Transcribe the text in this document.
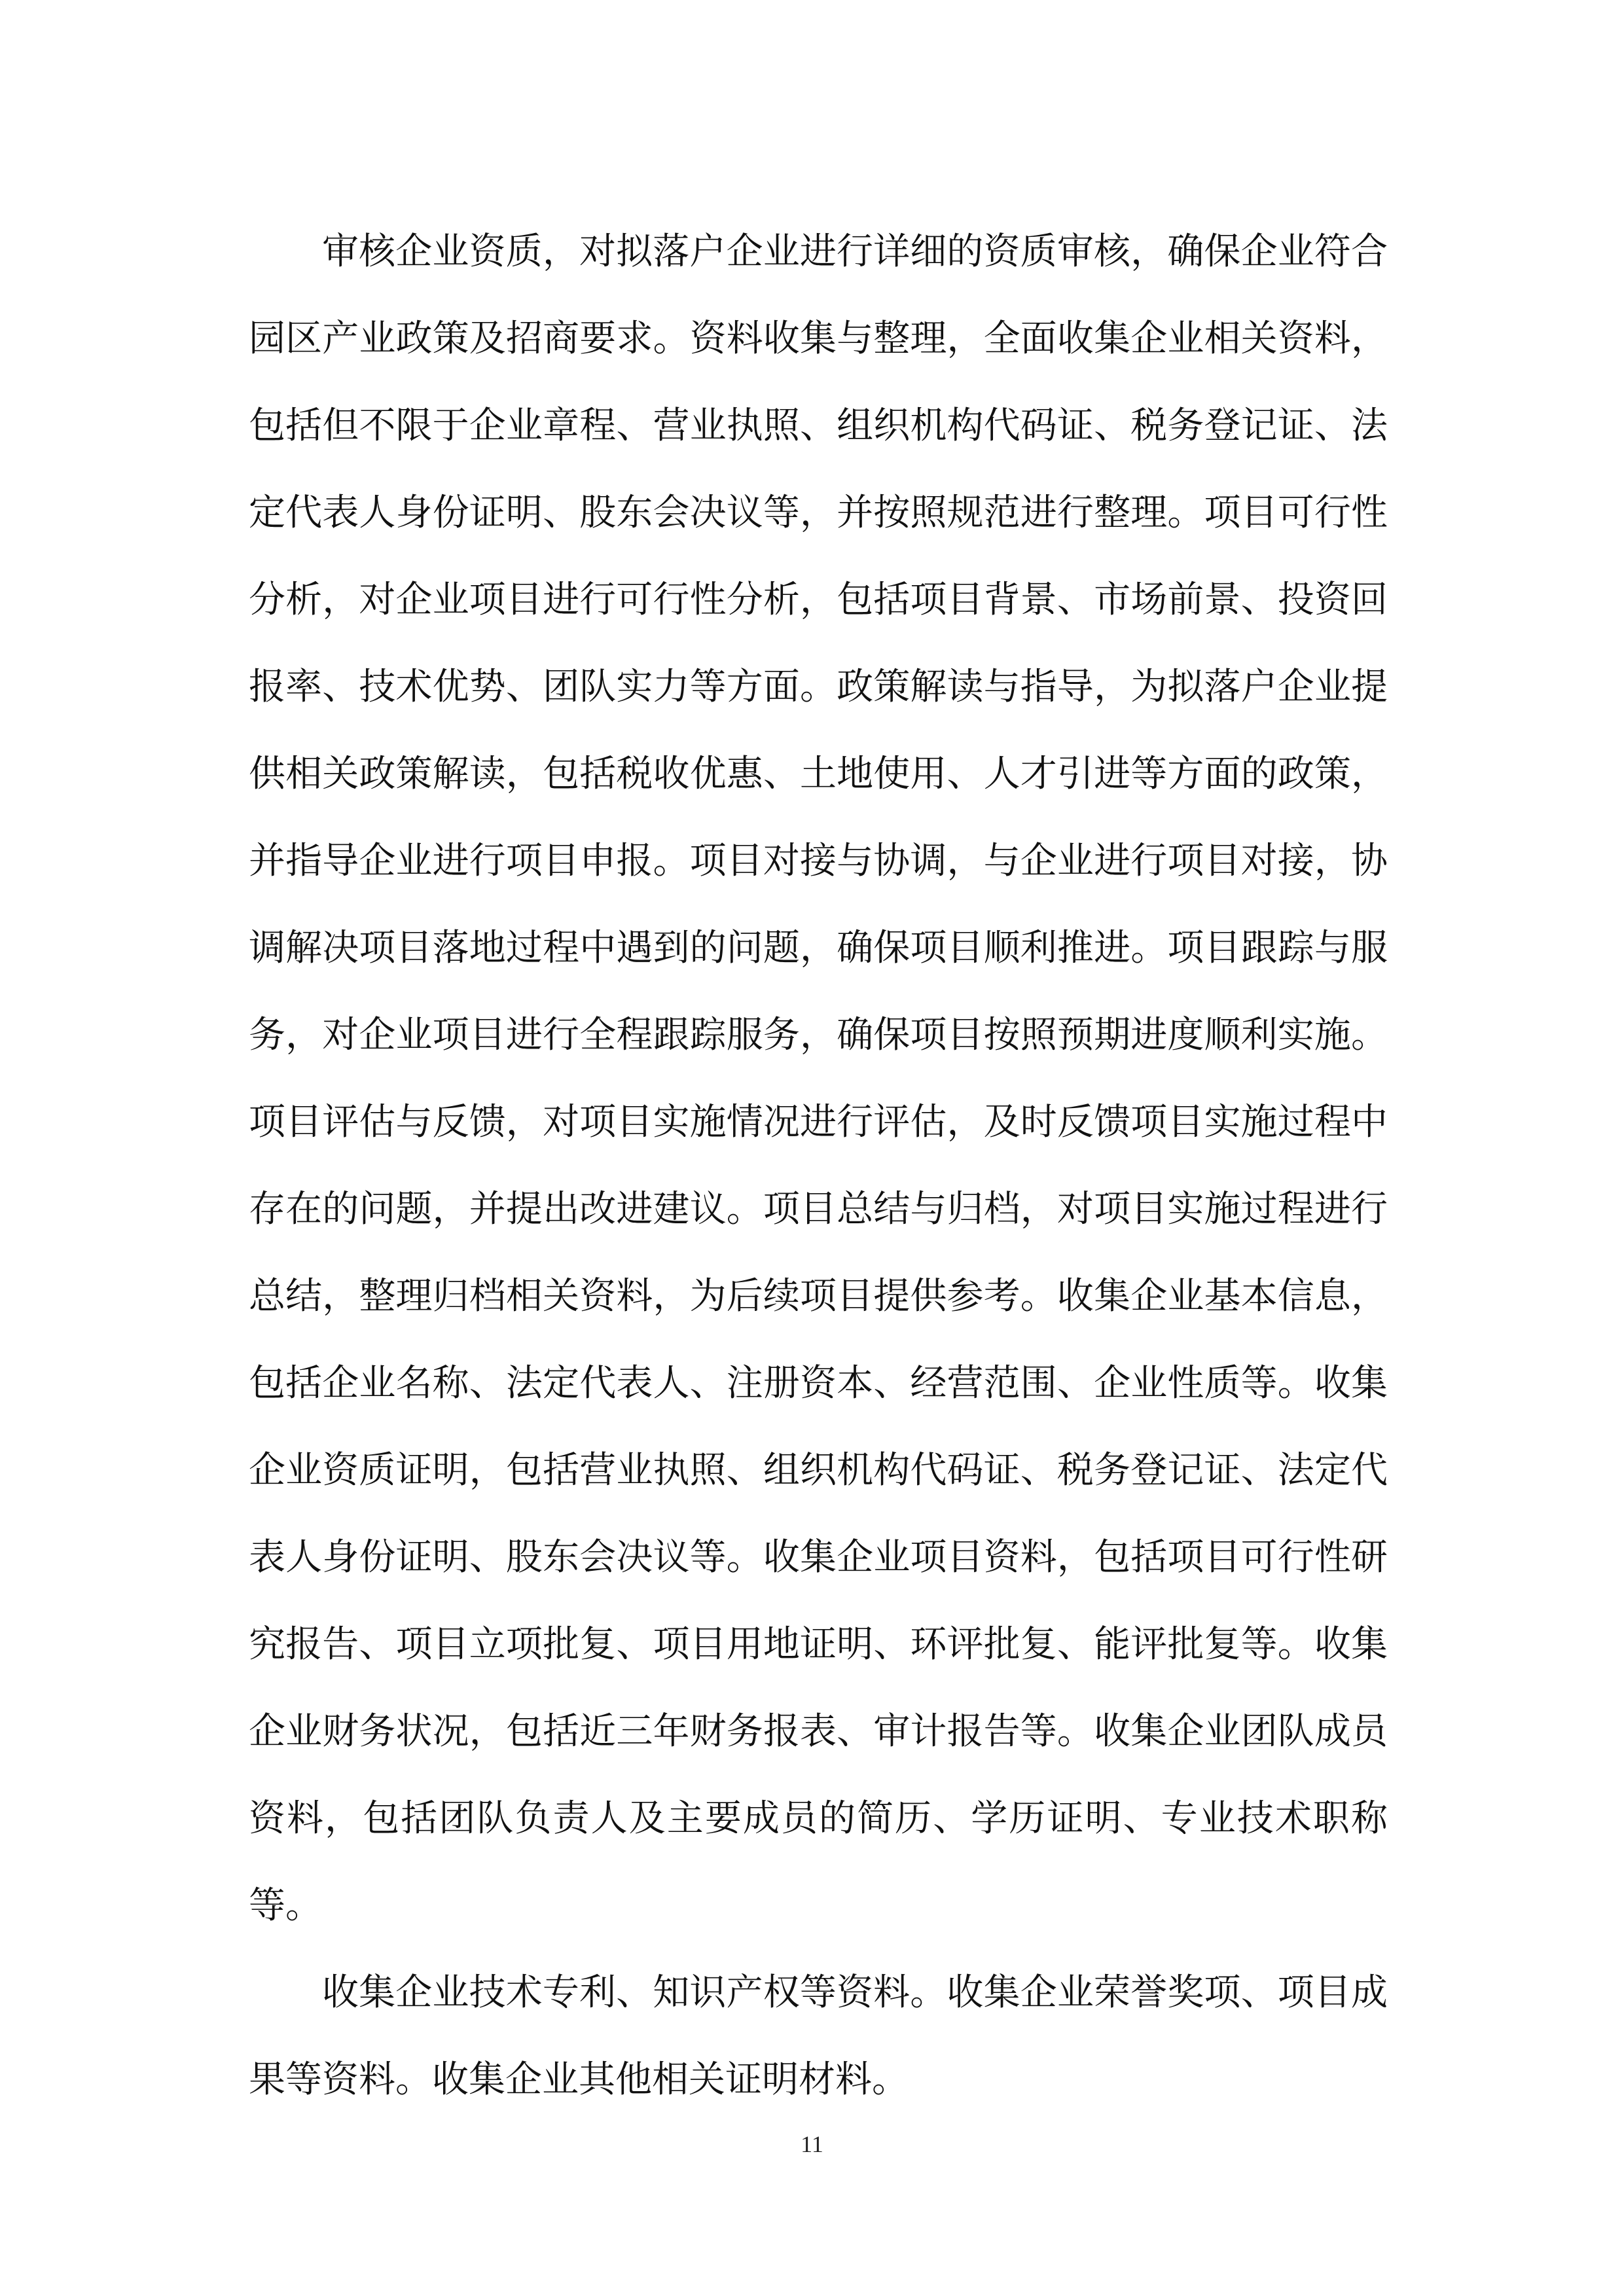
审核企业资质，对拟落户企业进行详细的资质审核，确保企业符合园区产业政策及招商要求。资料收集与整理，全面收集企业相关资料，包括但不限于企业章程、营业执照、组织机构代码证、税务登记证、法定代表人身份证明、股东会决议等，并按照规范进行整理。项目可行性分析，对企业项目进行可行性分析，包括项目背景、市场前景、投资回报率、技术优势、团队实力等方面。政策解读与指导，为拟落户企业提供相关政策解读，包括税收优惠、土地使用、人才引进等方面的政策，并指导企业进行项目申报。项目对接与协调，与企业进行项目对接，协调解决项目落地过程中遇到的问题，确保项目顺利推进。项目跟踪与服务，对企业项目进行全程跟踪服务，确保项目按照预期进度顺利实施。项目评估与反馈，对项目实施情况进行评估，及时反馈项目实施过程中存在的问题，并提出改进建议。项目总结与归档，对项目实施过程进行总结，整理归档相关资料，为后续项目提供参考。收集企业基本信息，包括企业名称、法定代表人、注册资本、经营范围、企业性质等。收集企业资质证明，包括营业执照、组织机构代码证、税务登记证、法定代表人身份证明、股东会决议等。收集企业项目资料，包括项目可行性研究报告、项目立项批复、项目用地证明、环评批复、能评批复等。收集企业财务状况，包括近三年财务报表、审计报告等。收集企业团队成员资料，包括团队负责人及主要成员的简历、学历证明、专业技术职称等。

收集企业技术专利、知识产权等资料。收集企业荣誉奖项、项目成果等资料。收集企业其他相关证明材料。

11
